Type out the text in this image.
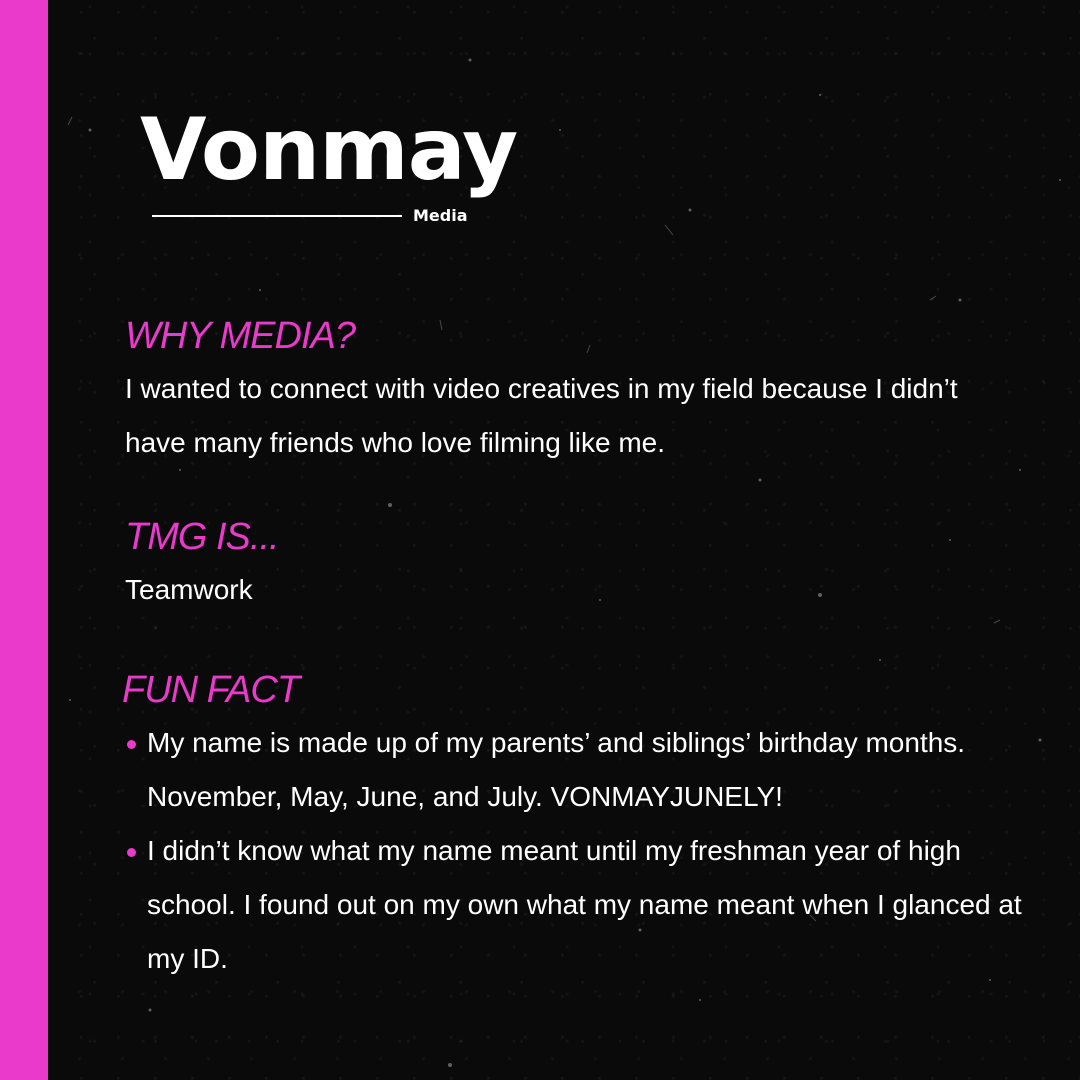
Vonmay
Media
WHY MEDIA?

I wanted to connect with video creatives in my field because I didn’t have many friends who love filming like me.

TMG IS...

Teamwork

FUN FACT
My name is made up of my parents’ and siblings’ birthday months. November, May, June, and July. VONMAYJUNELY!
I didn’t know what my name meant until my freshman year of high school. I found out on my own what my name meant when I glanced at my ID.
